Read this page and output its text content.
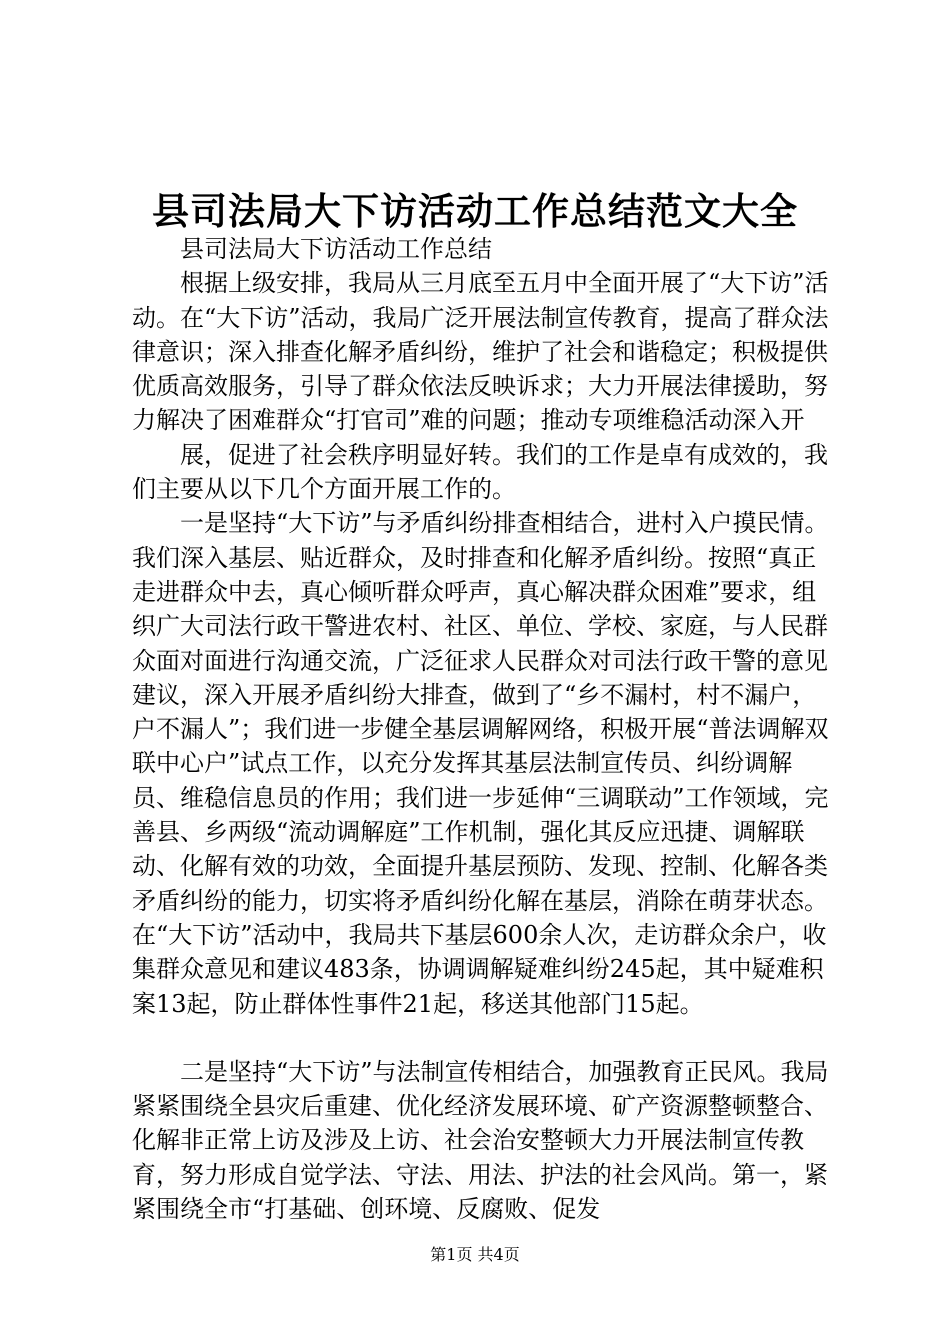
县司法局大下访活动工作总结范文大全

县司法局大下访活动工作总结

根据上级安排，我局从三月底至五月中全面开展了“大下访”活动。在“大下访”活动，我局广泛开展法制宣传教育，提高了群众法律意识；深入排查化解矛盾纠纷，维护了社会和谐稳定；积极提供优质高效服务，引导了群众依法反映诉求；大力开展法律援助，努力解决了困难群众“打官司”难的问题；推动专项维稳活动深入开

展，促进了社会秩序明显好转。我们的工作是卓有成效的，我们主要从以下几个方面开展工作的。

一是坚持“大下访”与矛盾纠纷排查相结合，进村入户摸民情。我们深入基层、贴近群众，及时排查和化解矛盾纠纷。按照“真正走进群众中去，真心倾听群众呼声，真心解决群众困难”要求，组织广大司法行政干警进农村、社区、单位、学校、家庭，与人民群众面对面进行沟通交流，广泛征求人民群众对司法行政干警的意见建议，深入开展矛盾纠纷大排查，做到了“乡不漏村，村不漏户，户不漏人”；我们进一步健全基层调解网络，积极开展“普法调解双联中心户”试点工作，以充分发挥其基层法制宣传员、纠纷调解员、维稳信息员的作用；我们进一步延伸“三调联动”工作领域，完善县、乡两级“流动调解庭”工作机制，强化其反应迅捷、调解联动、化解有效的功效，全面提升基层预防、发现、控制、化解各类矛盾纠纷的能力，切实将矛盾纠纷化解在基层，消除在萌芽状态。在“大下访”活动中，我局共下基层600余人次，走访群众余户，收集群众意见和建议483条，协调调解疑难纠纷245起，其中疑难积案13起，防止群体性事件21起，移送其他部门15起。

二是坚持“大下访”与法制宣传相结合，加强教育正民风。我局紧紧围绕全县灾后重建、优化经济发展环境、矿产资源整顿整合、化解非正常上访及涉及上访、社会治安整顿大力开展法制宣传教育，努力形成自觉学法、守法、用法、护法的社会风尚。第一，紧紧围绕全市“打基础、创环境、反腐败、促发

第1页 共4页
